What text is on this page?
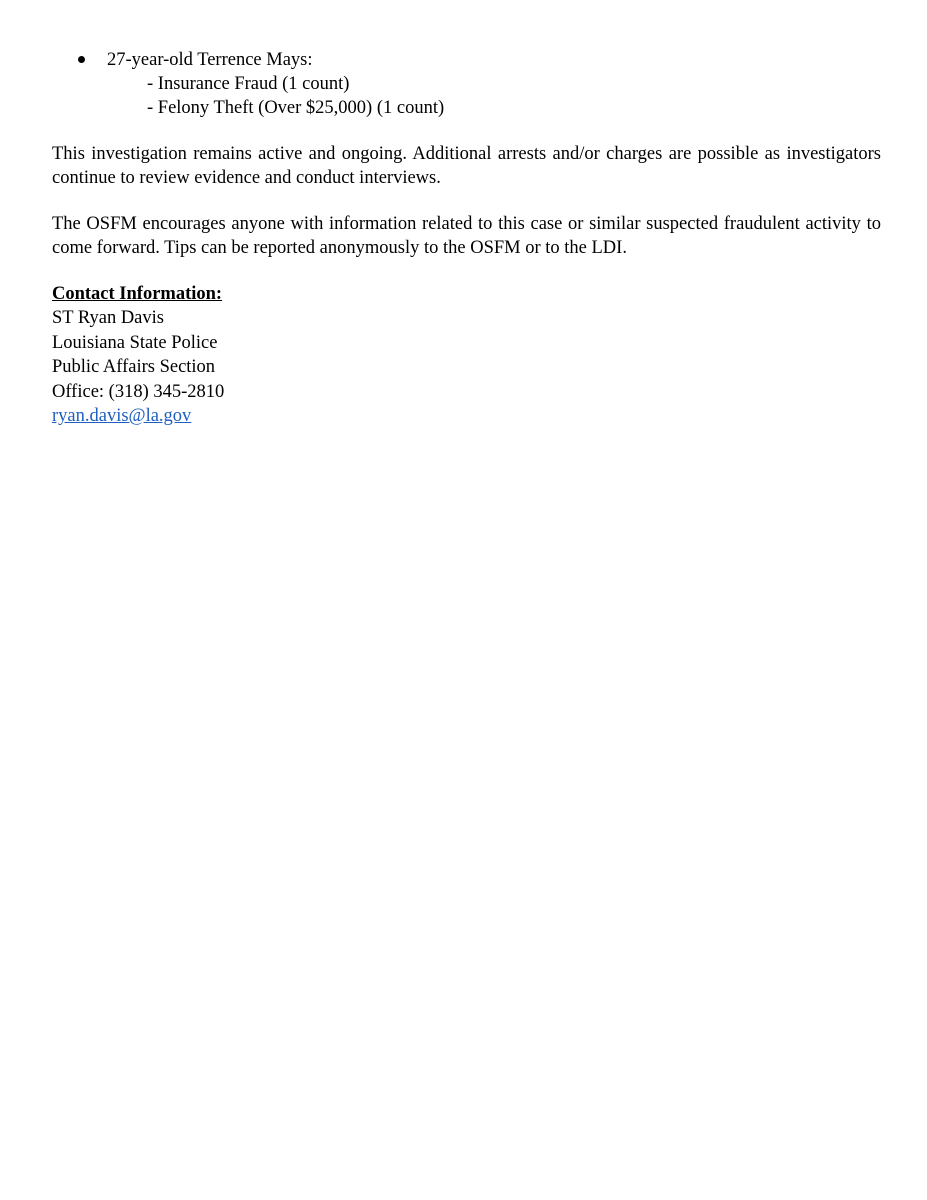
27-year-old Terrence Mays:
- Insurance Fraud (1 count)
- Felony Theft (Over $25,000) (1 count)

This investigation remains active and ongoing. Additional arrests and/or charges are possible as investigators continue to review evidence and conduct interviews.

The OSFM encourages anyone with information related to this case or similar suspected fraudulent activity to come forward. Tips can be reported anonymously to the OSFM or to the LDI.

Contact Information:

ST Ryan Davis

Louisiana State Police

Public Affairs Section

Office: (318) 345-2810

ryan.davis@la.gov
